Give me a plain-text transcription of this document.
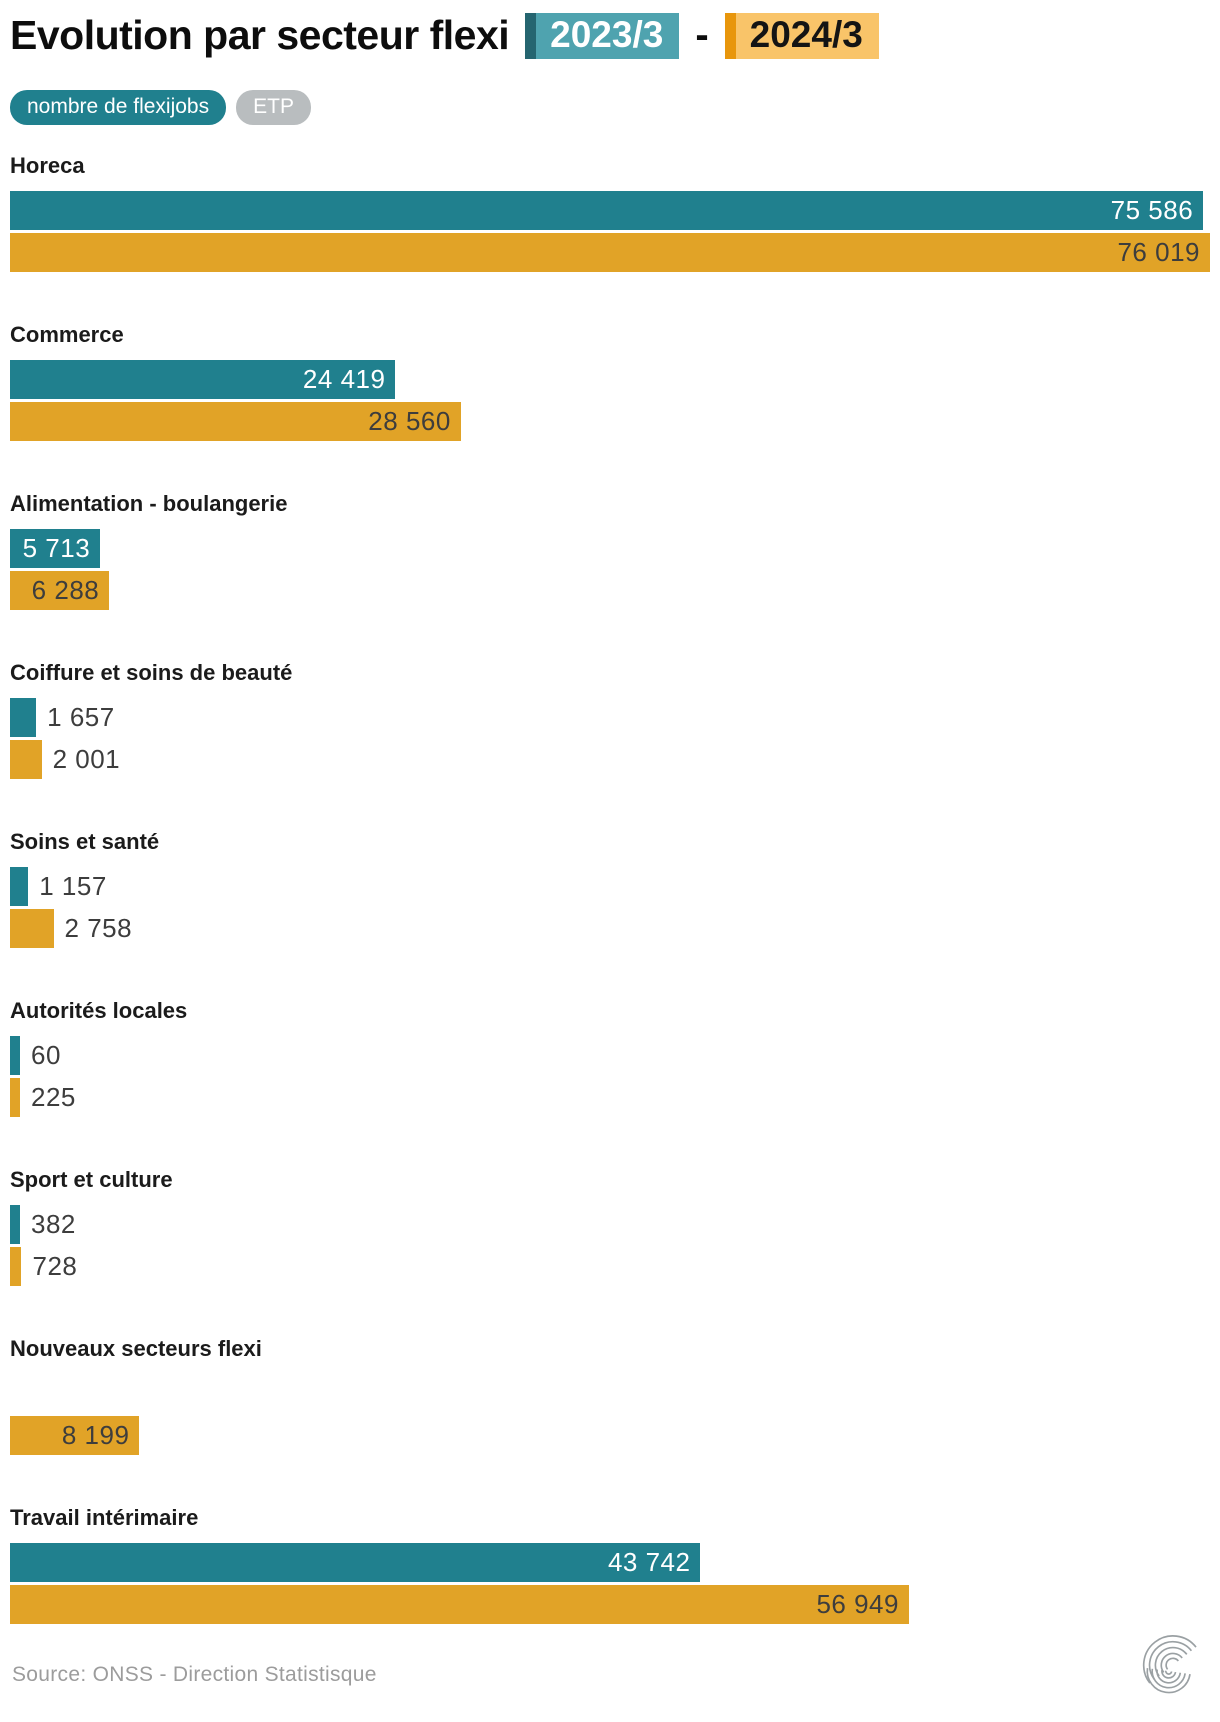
Evolution par secteur flexi	2023/3 -	2024/3
nombre de flexijobs	ETP
Horeca
75 586
76 019
Commerce
24 419
28 560
Alimentation - boulangerie
5 713
6 288
Coiffure et soins de beauté
1 657
2 001
Soins et santé
1 157
2 758
Autorités locales
60
225
Sport et culture
382
728
Nouveaux secteurs flexi
8 199
Travail intérimaire
43 742
56 949
Source: ONSS - Direction Statistisque
